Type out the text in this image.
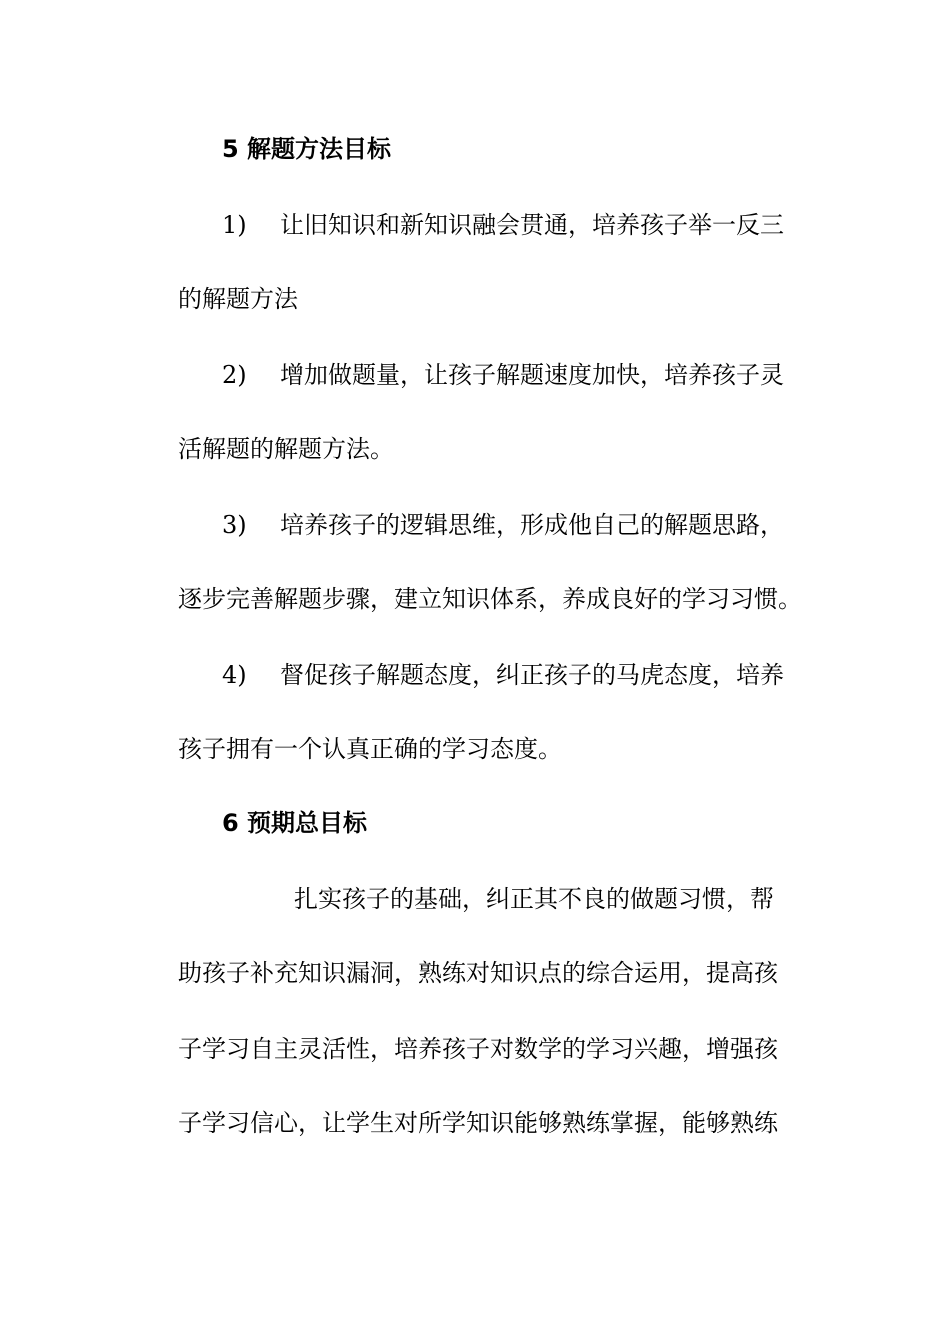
5 解题方法目标
1) 让旧知识和新知识融会贯通，培养孩子举一反三
的解题方法
2) 增加做题量，让孩子解题速度加快，培养孩子灵
活解题的解题方法。
3) 培养孩子的逻辑思维，形成他自己的解题思路，
逐步完善解题步骤，建立知识体系，养成良好的学习习惯。
4) 督促孩子解题态度，纠正孩子的马虎态度，培养
孩子拥有一个认真正确的学习态度。
6 预期总目标
扎实孩子的基础，纠正其不良的做题习惯，帮
助孩子补充知识漏洞，熟练对知识点的综合运用，提高孩
子学习自主灵活性，培养孩子对数学的学习兴趣，增强孩
子学习信心，让学生对所学知识能够熟练掌握，能够熟练
